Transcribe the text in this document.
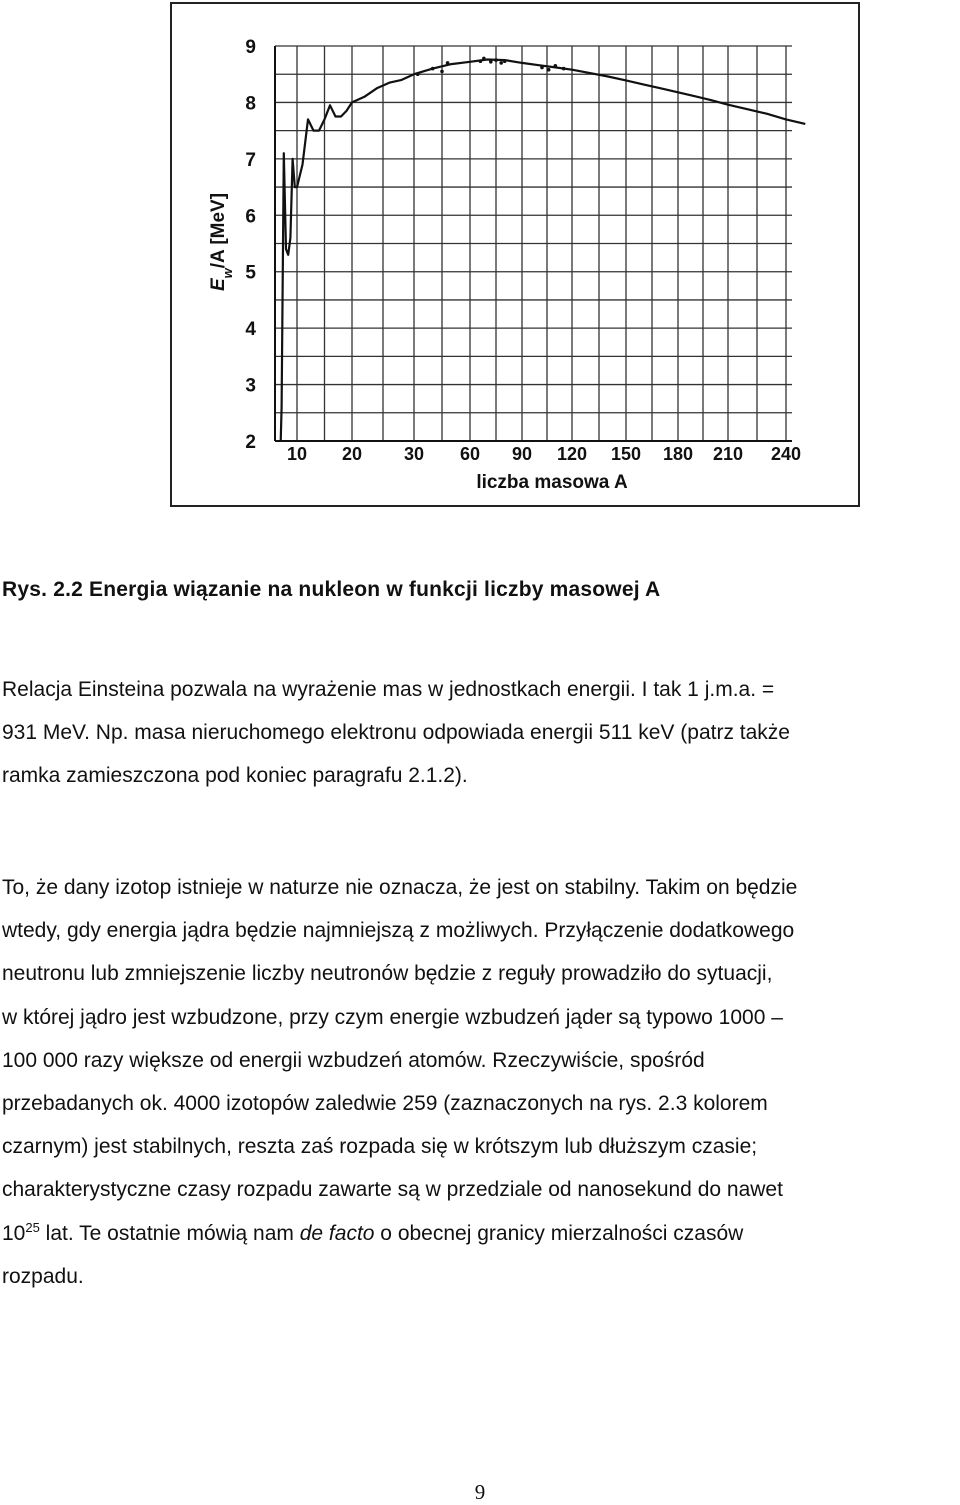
2
3
4
5
6
7
8
9
10 20 30 60 90 120 150 180 210 240
liczba masowa A
$E_w/A$ [MeV]
Rys. 2.2 Energia wiązanie na nukleon w funkcji liczby masowej A
Relacja Einsteina pozwala na wyrażenie mas w jednostkach energii. I tak 1 j.m.a. =
931 MeV. Np. masa nieruchomego elektronu odpowiada energii 511 keV (patrz także
ramka zamieszczona pod koniec paragrafu 2.1.2).
To, że dany izotop istnieje w naturze nie oznacza, że jest on stabilny. Takim on będzie
wtedy, gdy energia jądra będzie najmniejszą z możliwych. Przyłączenie dodatkowego
neutronu lub zmniejszenie liczby neutronów będzie z reguły prowadziło do sytuacji,
w której jądro jest wzbudzone, przy czym energie wzbudzeń jąder są typowo 1000 –
100 000 razy większe od energii wzbudzeń atomów. Rzeczywiście, spośród
przebadanych ok. 4000 izotopów zaledwie 259 (zaznaczonych na rys. 2.3 kolorem
czarnym) jest stabilnych, reszta zaś rozpada się w krótszym lub dłuższym czasie;
charakterystyczne czasy rozpadu zawarte są w przedziale od nanosekund do nawet
$10^{25}$ lat. Te ostatnie mówią nam de facto o obecnej granicy mierzalności czasów
rozpadu.
9
